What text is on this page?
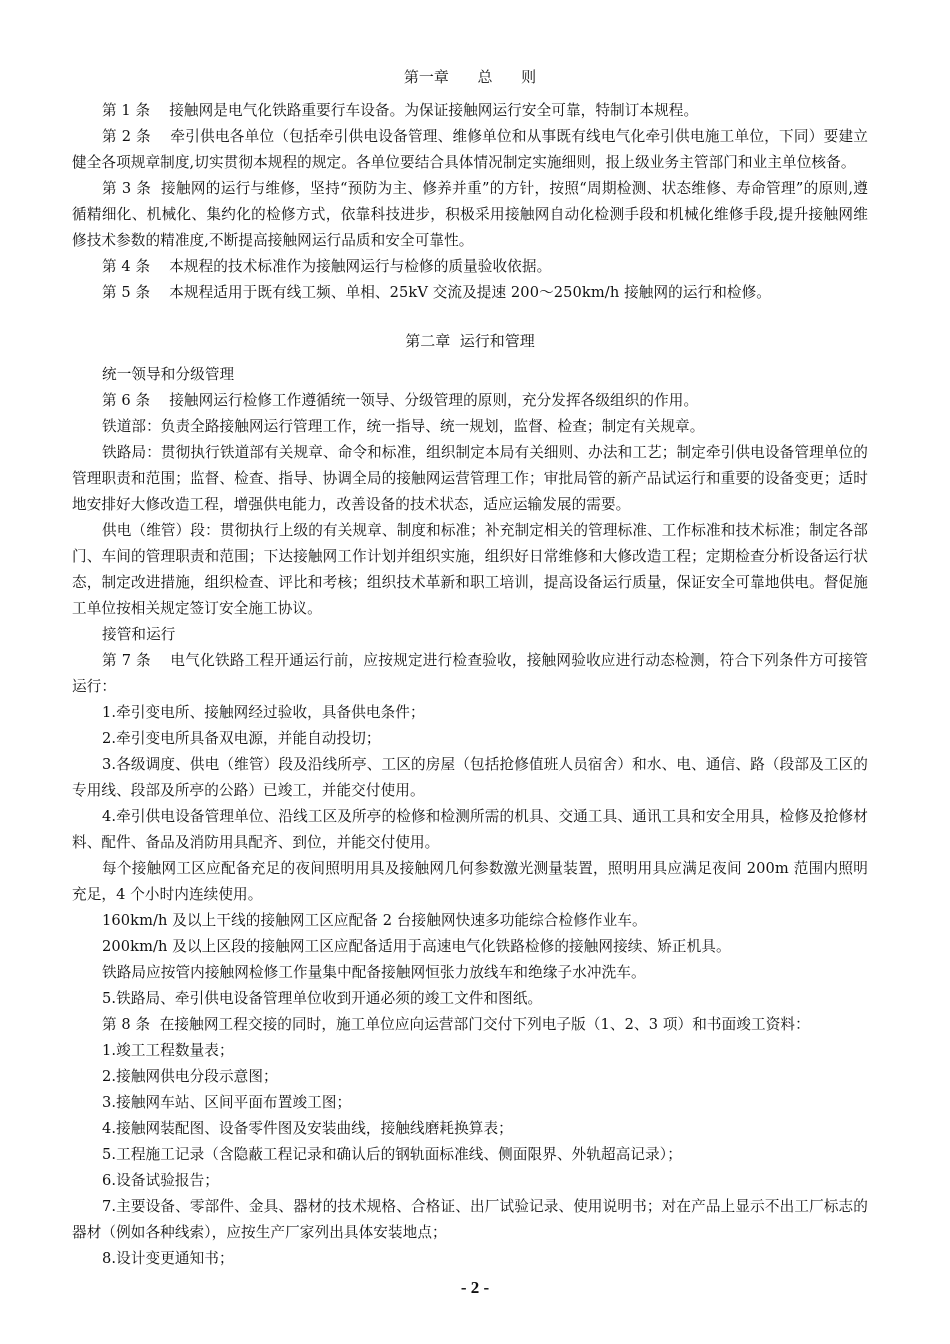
第一章      总      则

第 1 条    接触网是电气化铁路重要行车设备。为保证接触网运行安全可靠，特制订本规程。

第 2 条    牵引供电各单位（包括牵引供电设备管理、维修单位和从事既有线电气化牵引供电施工单位，下同）要建立健全各项规章制度,切实贯彻本规程的规定。各单位要结合具体情况制定实施细则，报上级业务主管部门和业主单位核备。

第 3 条  接触网的运行与维修，坚持“预防为主、修养并重”的方针，按照“周期检测、状态维修、寿命管理”的原则,遵循精细化、机械化、集约化的检修方式，依靠科技进步，积极采用接触网自动化检测手段和机械化维修手段,提升接触网维修技术参数的精准度,不断提高接触网运行品质和安全可靠性。

第 4 条    本规程的技术标准作为接触网运行与检修的质量验收依据。

第 5 条    本规程适用于既有线工频、单相、25kV 交流及提速 200～250km/h 接触网的运行和检修。

第二章  运行和管理

统一领导和分级管理

第 6 条    接触网运行检修工作遵循统一领导、分级管理的原则，充分发挥各级组织的作用。

铁道部：负责全路接触网运行管理工作，统一指导、统一规划，监督、检查；制定有关规章。

铁路局：贯彻执行铁道部有关规章、命令和标准，组织制定本局有关细则、办法和工艺；制定牵引供电设备管理单位的管理职责和范围；监督、检查、指导、协调全局的接触网运营管理工作；审批局管的新产品试运行和重要的设备变更；适时地安排好大修改造工程，增强供电能力，改善设备的技术状态，适应运输发展的需要。

供电（维管）段：贯彻执行上级的有关规章、制度和标准；补充制定相关的管理标准、工作标准和技术标准；制定各部门、车间的管理职责和范围；下达接触网工作计划并组织实施，组织好日常维修和大修改造工程；定期检查分析设备运行状态，制定改进措施，组织检查、评比和考核；组织技术革新和职工培训，提高设备运行质量，保证安全可靠地供电。督促施工单位按相关规定签订安全施工协议。

接管和运行

第 7 条    电气化铁路工程开通运行前，应按规定进行检查验收，接触网验收应进行动态检测，符合下列条件方可接管运行：

1.牵引变电所、接触网经过验收，具备供电条件；

2.牵引变电所具备双电源，并能自动投切；

3.各级调度、供电（维管）段及沿线所亭、工区的房屋（包括抢修值班人员宿舍）和水、电、通信、路（段部及工区的专用线、段部及所亭的公路）已竣工，并能交付使用。

4.牵引供电设备管理单位、沿线工区及所亭的检修和检测所需的机具、交通工具、通讯工具和安全用具，检修及抢修材料、配件、备品及消防用具配齐、到位，并能交付使用。

每个接触网工区应配备充足的夜间照明用具及接触网几何参数激光测量装置，照明用具应满足夜间 200m 范围内照明充足，4 个小时内连续使用。

160km/h 及以上干线的接触网工区应配备 2 台接触网快速多功能综合检修作业车。

200km/h 及以上区段的接触网工区应配备适用于高速电气化铁路检修的接触网接续、矫正机具。

铁路局应按管内接触网检修工作量集中配备接触网恒张力放线车和绝缘子水冲洗车。

5.铁路局、牵引供电设备管理单位收到开通必须的竣工文件和图纸。

第 8 条  在接触网工程交接的同时，施工单位应向运营部门交付下列电子版（1、2、3 项）和书面竣工资料：

1.竣工工程数量表；

2.接触网供电分段示意图；

3.接触网车站、区间平面布置竣工图；

4.接触网装配图、设备零件图及安装曲线，接触线磨耗换算表；

5.工程施工记录（含隐蔽工程记录和确认后的钢轨面标准线、侧面限界、外轨超高记录）；

6.设备试验报告；

7.主要设备、零部件、金具、器材的技术规格、合格证、出厂试验记录、使用说明书；对在产品上显示不出工厂标志的器材（例如各种线索），应按生产厂家列出具体安装地点；

8.设计变更通知书；

- 2 -
